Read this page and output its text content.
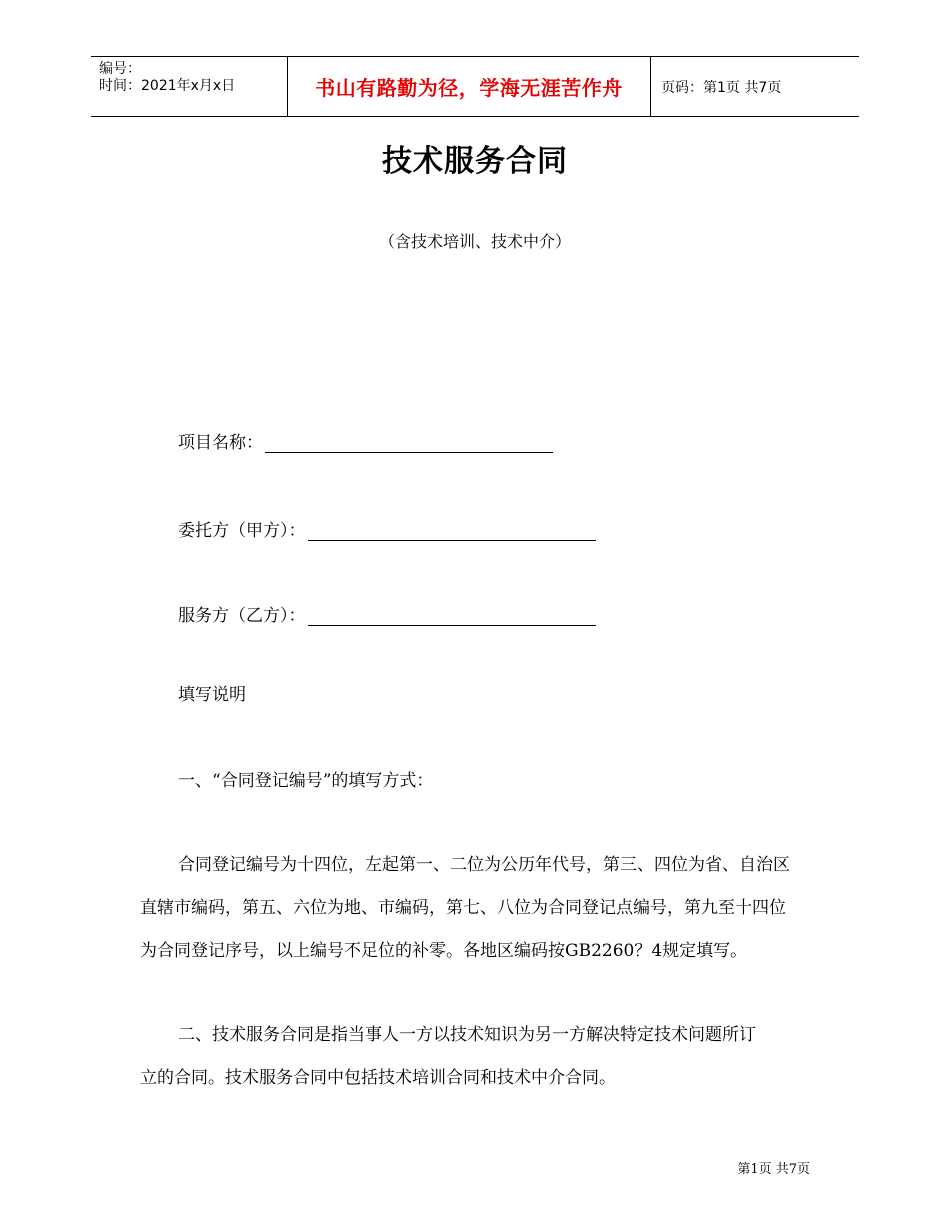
编号：
时间：2021年x月x日	书山有路勤为径，学海无涯苦作舟	页码：第1页 共7页
技术服务合同
（含技术培训、技术中介）
项目名称：
委托方（甲方）：
服务方（乙方）：
填写说明
一、“合同登记编号”的填写方式：
合同登记编号为十四位，左起第一、二位为公历年代号，第三、四位为省、自治区
直辖市编码，第五、六位为地、市编码，第七、八位为合同登记点编号，第九至十四位
为合同登记序号，以上编号不足位的补零。各地区编码按GB2260？4规定填写。
二、技术服务合同是指当事人一方以技术知识为另一方解决特定技术问题所订
立的合同。技术服务合同中包括技术培训合同和技术中介合同。
第1页 共7页
